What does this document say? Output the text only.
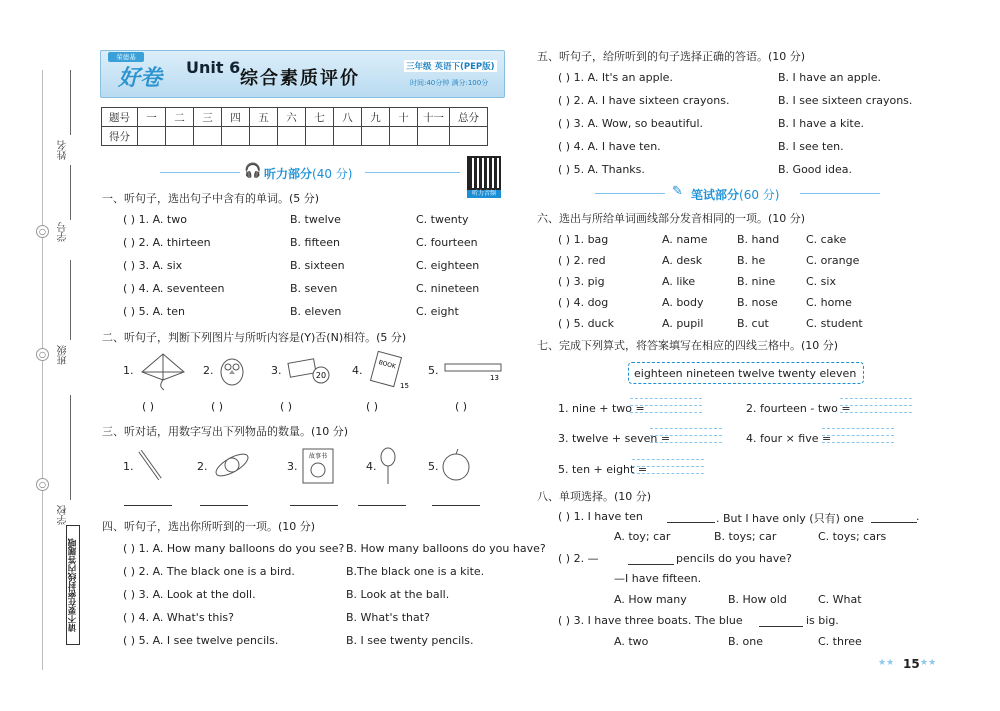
○
○
○
姓名
学号
班级
学校
请不要在密封线内答题哦
荣德基
好卷 Unit 6
综合素质评价
三年级 英语下(PEP版)
时间:40分钟 满分:100分
题号	一	二	三	四	五	六	七	八	九	十	十一	总分
得分												
听力音频
🎧 听力部分(40 分)
一、听句子，选出句子中含有的单词。(5 分)
( ) 1. A. two	B. twelve	C. twenty
( ) 2. A. thirteen	B. fifteen	C. fourteen
( ) 3. A. six	B. sixteen	C. eighteen
( ) 4. A. seventeen	B. seven	C. nineteen
( ) 5. A. ten	B. eleven	C. eight
二、听句子，判断下列图片与所听内容是(Y)否(N)相符。(5 分)
1.	2.	3.	20 4.	BOOK
15
5.
13
( )	( )	( )	( )	( )
三、听对话，用数字写出下列物品的数量。(10 分)
1.	2.	3.
故事书
4.	5.
四、听句子，选出你所听到的一项。(10 分)
( ) 1. A. How many balloons do you see? B. How many balloons do you have?
( ) 2. A. The black one is a bird.	B.The black one is a kite.
( ) 3. A. Look at the doll.	B. Look at the ball.
( ) 4. A. What's this?	B. What's that?
( ) 5. A. I see twelve pencils.	B. I see twenty pencils.
五、听句子，给所听到的句子选择正确的答语。(10 分)
( ) 1. A. It's an apple.	B. I have an apple.
( ) 2. A. I have sixteen crayons.	B. I see sixteen crayons.
( ) 3. A. Wow, so beautiful.	B. I have a kite.
( ) 4. A. I have ten.	B. I see ten.
( ) 5. A. Thanks.	B. Good idea.
✎ 笔试部分(60 分)
六、选出与所给单词画线部分发音相同的一项。(10 分)
( ) 1. bag	A. name	B. hand C. cake
( ) 2. red	A. desk	B. he	C. orange
( ) 3. pig	A. like	B. nine	C. six
( ) 4. dog	A. body	B. nose	C. home
( ) 5. duck	A. pupil	B. cut	C. student
七、完成下列算式，将答案填写在相应的四线三格中。(10 分)
eighteen nineteen twelve twenty eleven
1. nine + two =	2. fourteen - two =
3. twelve + seven =	4. four × five =
5. ten + eight =
八、单项选择。(10 分)
( ) 1. I have ten	. But I have only (只有) one	.
A. toy; car	B. toys; car	C. toys; cars
( ) 2. —	pencils do you have?
—I have fifteen.
A. How many	B. How old	C. What
( ) 3. I have three boats. The blue	is big.
A. two	B. one	C. three
★★ 15 ★★
